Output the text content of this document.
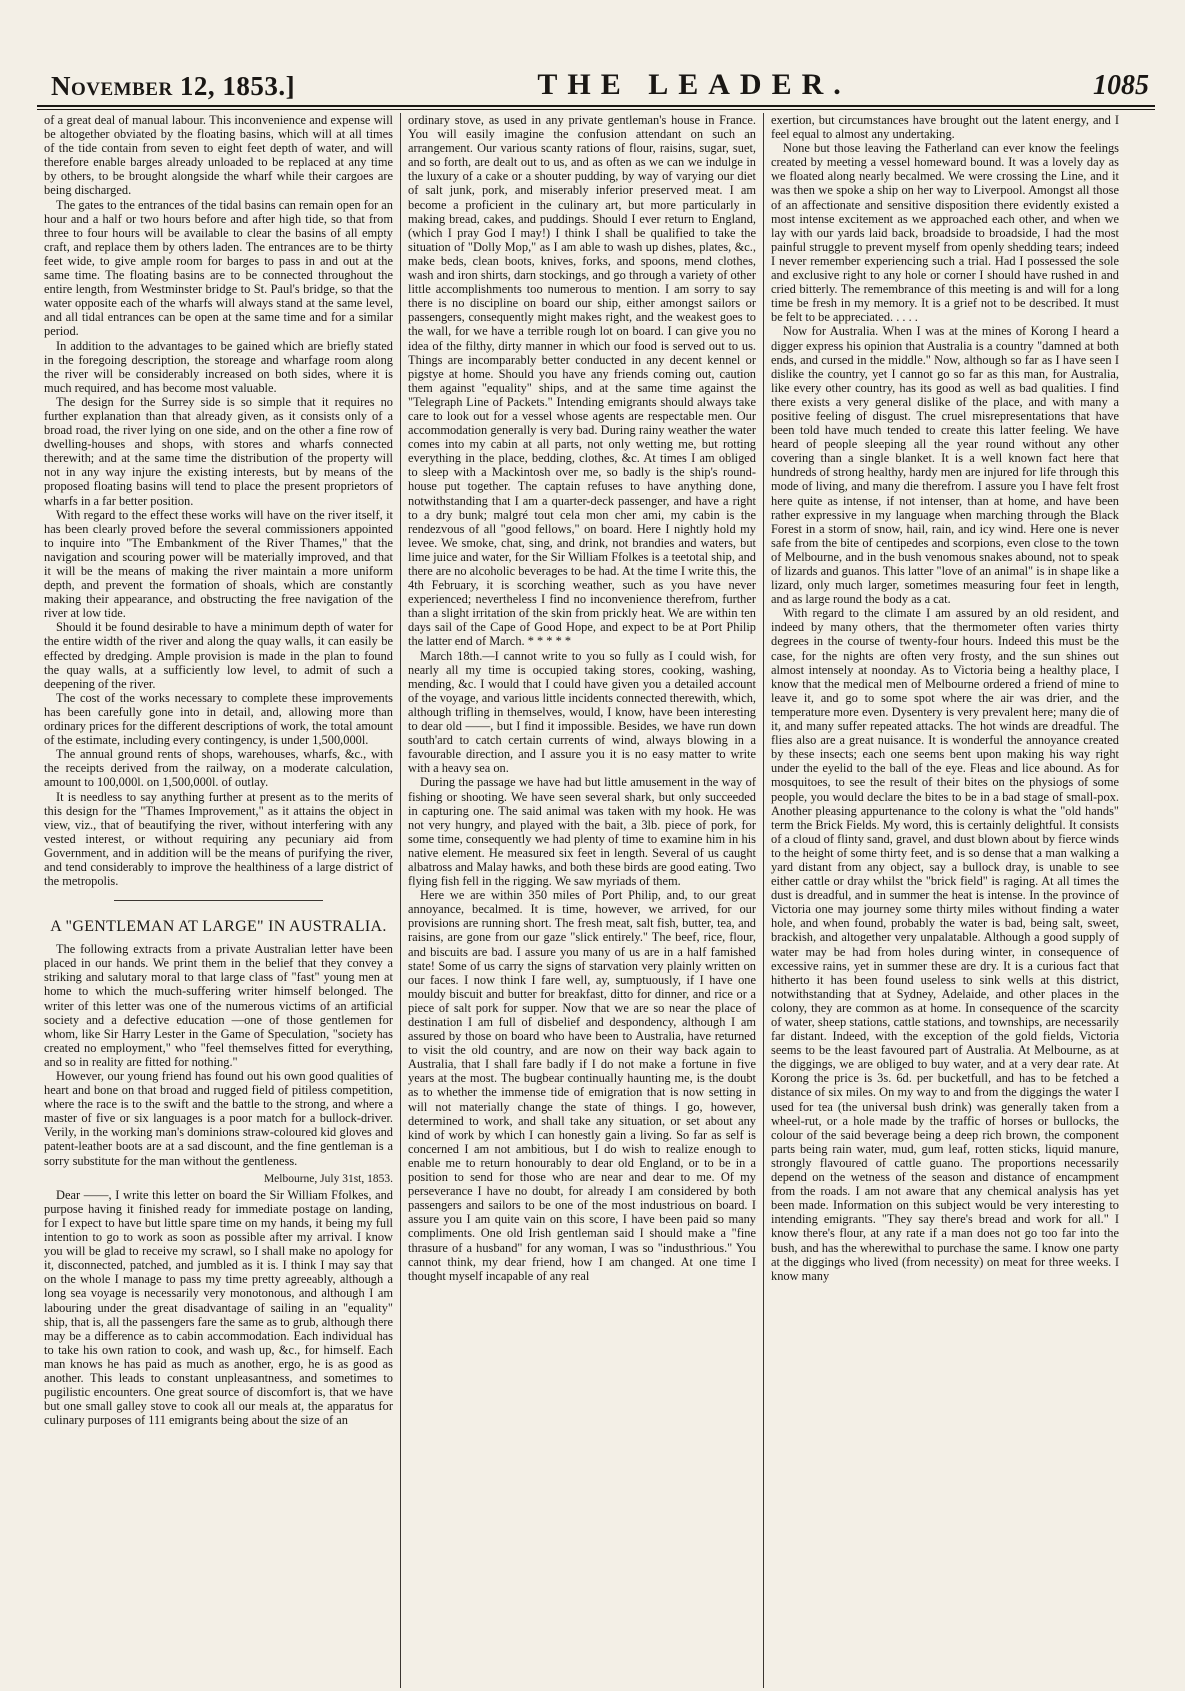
November 12, 1853.]	THE LEADER.	1085

of a great deal of manual labour. This inconvenience and expense will be altogether obviated by the floating basins, which will at all times of the tide contain from seven to eight feet depth of water, and will therefore enable barges already unloaded to be replaced at any time by others, to be brought alongside the wharf while their cargoes are being discharged.

The gates to the entrances of the tidal basins can remain open for an hour and a half or two hours before and after high tide, so that from three to four hours will be available to clear the basins of all empty craft, and replace them by others laden. The entrances are to be thirty feet wide, to give ample room for barges to pass in and out at the same time. The floating basins are to be connected throughout the entire length, from Westminster bridge to St. Paul's bridge, so that the water opposite each of the wharfs will always stand at the same level, and all tidal entrances can be open at the same time and for a similar period.

In addition to the advantages to be gained which are briefly stated in the foregoing description, the storeage and wharfage room along the river will be considerably increased on both sides, where it is much required, and has become most valuable.

The design for the Surrey side is so simple that it requires no further explanation than that already given, as it consists only of a broad road, the river lying on one side, and on the other a fine row of dwelling-houses and shops, with stores and wharfs connected therewith; and at the same time the distribution of the property will not in any way injure the existing interests, but by means of the proposed floating basins will tend to place the present proprietors of wharfs in a far better position.

With regard to the effect these works will have on the river itself, it has been clearly proved before the several commissioners appointed to inquire into "The Embankment of the River Thames," that the navigation and scouring power will be materially improved, and that it will be the means of making the river maintain a more uniform depth, and prevent the formation of shoals, which are constantly making their appearance, and obstructing the free navigation of the river at low tide.

Should it be found desirable to have a minimum depth of water for the entire width of the river and along the quay walls, it can easily be effected by dredging. Ample provision is made in the plan to found the quay walls, at a sufficiently low level, to admit of such a deepening of the river.

The cost of the works necessary to complete these improvements has been carefully gone into in detail, and, allowing more than ordinary prices for the different descriptions of work, the total amount of the estimate, including every contingency, is under 1,500,000l.

The annual ground rents of shops, warehouses, wharfs, &c., with the receipts derived from the railway, on a moderate calculation, amount to 100,000l. on 1,500,000l. of outlay.

It is needless to say anything further at present as to the merits of this design for the "Thames Improvement," as it attains the object in view, viz., that of beautifying the river, without interfering with any vested interest, or without requiring any pecuniary aid from Government, and in addition will be the means of purifying the river, and tend considerably to improve the healthiness of a large district of the metropolis.

A "GENTLEMAN AT LARGE" IN AUSTRALIA.

The following extracts from a private Australian letter have been placed in our hands. We print them in the belief that they convey a striking and salutary moral to that large class of "fast" young men at home to which the much-suffering writer himself belonged. The writer of this letter was one of the numerous victims of an artificial society and a defective education —one of those gentlemen for whom, like Sir Harry Lester in the Game of Speculation, "society has created no employment," who "feel themselves fitted for everything, and so in reality are fitted for nothing."

However, our young friend has found out his own good qualities of heart and bone on that broad and rugged field of pitiless competition, where the race is to the swift and the battle to the strong, and where a master of five or six languages is a poor match for a bullock-driver. Verily, in the working man's dominions straw-coloured kid gloves and patent-leather boots are at a sad discount, and the fine gentleman is a sorry substitute for the man without the gentleness.

Melbourne, July 31st, 1853.

Dear ——, I write this letter on board the Sir William Ffolkes, and purpose having it finished ready for immediate postage on landing, for I expect to have but little spare time on my hands, it being my full intention to go to work as soon as possible after my arrival. I know you will be glad to receive my scrawl, so I shall make no apology for it, disconnected, patched, and jumbled as it is. I think I may say that on the whole I manage to pass my time pretty agreeably, although a long sea voyage is necessarily very monotonous, and although I am labouring under the great disadvantage of sailing in an "equality" ship, that is, all the passengers fare the same as to grub, although there may be a difference as to cabin accommodation. Each individual has to take his own ration to cook, and wash up, &c., for himself. Each man knows he has paid as much as another, ergo, he is as good as another. This leads to constant unpleasantness, and sometimes to pugilistic encounters. One great source of discomfort is, that we have but one small galley stove to cook all our meals at, the apparatus for culinary purposes of 111 emigrants being about the size of an

ordinary stove, as used in any private gentleman's house in France. You will easily imagine the confusion attendant on such an arrangement. Our various scanty rations of flour, raisins, sugar, suet, and so forth, are dealt out to us, and as often as we can we indulge in the luxury of a cake or a shouter pudding, by way of varying our diet of salt junk, pork, and miserably inferior preserved meat. I am become a proficient in the culinary art, but more particularly in making bread, cakes, and puddings. Should I ever return to England, (which I pray God I may!) I think I shall be qualified to take the situation of "Dolly Mop," as I am able to wash up dishes, plates, &c., make beds, clean boots, knives, forks, and spoons, mend clothes, wash and iron shirts, darn stockings, and go through a variety of other little accomplishments too numerous to mention. I am sorry to say there is no discipline on board our ship, either amongst sailors or passengers, consequently might makes right, and the weakest goes to the wall, for we have a terrible rough lot on board. I can give you no idea of the filthy, dirty manner in which our food is served out to us. Things are incomparably better conducted in any decent kennel or pigstye at home. Should you have any friends coming out, caution them against "equality" ships, and at the same time against the "Telegraph Line of Packets." Intending emigrants should always take care to look out for a vessel whose agents are respectable men. Our accommodation generally is very bad. During rainy weather the water comes into my cabin at all parts, not only wetting me, but rotting everything in the place, bedding, clothes, &c. At times I am obliged to sleep with a Mackintosh over me, so badly is the ship's round-house put together. The captain refuses to have anything done, notwithstanding that I am a quarter-deck passenger, and have a right to a dry bunk; malgré tout cela mon cher ami, my cabin is the rendezvous of all "good fellows," on board. Here I nightly hold my levee. We smoke, chat, sing, and drink, not brandies and waters, but lime juice and water, for the Sir William Ffolkes is a teetotal ship, and there are no alcoholic beverages to be had. At the time I write this, the 4th February, it is scorching weather, such as you have never experienced; nevertheless I find no inconvenience therefrom, further than a slight irritation of the skin from prickly heat. We are within ten days sail of the Cape of Good Hope, and expect to be at Port Philip the latter end of March. * * * * *

March 18th.—I cannot write to you so fully as I could wish, for nearly all my time is occupied taking stores, cooking, washing, mending, &c. I would that I could have given you a detailed account of the voyage, and various little incidents connected therewith, which, although trifling in themselves, would, I know, have been interesting to dear old ——, but I find it impossible. Besides, we have run down south'ard to catch certain currents of wind, always blowing in a favourable direction, and I assure you it is no easy matter to write with a heavy sea on.

During the passage we have had but little amusement in the way of fishing or shooting. We have seen several shark, but only succeeded in capturing one. The said animal was taken with my hook. He was not very hungry, and played with the bait, a 3lb. piece of pork, for some time, consequently we had plenty of time to examine him in his native element. He measured six feet in length. Several of us caught albatross and Malay hawks, and both these birds are good eating. Two flying fish fell in the rigging. We saw myriads of them.

Here we are within 350 miles of Port Philip, and, to our great annoyance, becalmed. It is time, however, we arrived, for our provisions are running short. The fresh meat, salt fish, butter, tea, and raisins, are gone from our gaze "slick entirely." The beef, rice, flour, and biscuits are bad. I assure you many of us are in a half famished state! Some of us carry the signs of starvation very plainly written on our faces. I now think I fare well, ay, sumptuously, if I have one mouldy biscuit and butter for breakfast, ditto for dinner, and rice or a piece of salt pork for supper. Now that we are so near the place of destination I am full of disbelief and despondency, although I am assured by those on board who have been to Australia, have returned to visit the old country, and are now on their way back again to Australia, that I shall fare badly if I do not make a fortune in five years at the most. The bugbear continually haunting me, is the doubt as to whether the immense tide of emigration that is now setting in will not materially change the state of things. I go, however, determined to work, and shall take any situation, or set about any kind of work by which I can honestly gain a living. So far as self is concerned I am not ambitious, but I do wish to realize enough to enable me to return honourably to dear old England, or to be in a position to send for those who are near and dear to me. Of my perseverance I have no doubt, for already I am considered by both passengers and sailors to be one of the most industrious on board. I assure you I am quite vain on this score, I have been paid so many compliments. One old Irish gentleman said I should make a "fine thrasure of a husband" for any woman, I was so "industhrious." You cannot think, my dear friend, how I am changed. At one time I thought myself incapable of any real

exertion, but circumstances have brought out the latent energy, and I feel equal to almost any undertaking.

None but those leaving the Fatherland can ever know the feelings created by meeting a vessel homeward bound. It was a lovely day as we floated along nearly becalmed. We were crossing the Line, and it was then we spoke a ship on her way to Liverpool. Amongst all those of an affectionate and sensitive disposition there evidently existed a most intense excitement as we approached each other, and when we lay with our yards laid back, broadside to broadside, I had the most painful struggle to prevent myself from openly shedding tears; indeed I never remember experiencing such a trial. Had I possessed the sole and exclusive right to any hole or corner I should have rushed in and cried bitterly. The remembrance of this meeting is and will for a long time be fresh in my memory. It is a grief not to be described. It must be felt to be appreciated. . . . .

Now for Australia. When I was at the mines of Korong I heard a digger express his opinion that Australia is a country "damned at both ends, and cursed in the middle." Now, although so far as I have seen I dislike the country, yet I cannot go so far as this man, for Australia, like every other country, has its good as well as bad qualities. I find there exists a very general dislike of the place, and with many a positive feeling of disgust. The cruel misrepresentations that have been told have much tended to create this latter feeling. We have heard of people sleeping all the year round without any other covering than a single blanket. It is a well known fact here that hundreds of strong healthy, hardy men are injured for life through this mode of living, and many die therefrom. I assure you I have felt frost here quite as intense, if not intenser, than at home, and have been rather expressive in my language when marching through the Black Forest in a storm of snow, hail, rain, and icy wind. Here one is never safe from the bite of centipedes and scorpions, even close to the town of Melbourne, and in the bush venomous snakes abound, not to speak of lizards and guanos. This latter "love of an animal" is in shape like a lizard, only much larger, sometimes measuring four feet in length, and as large round the body as a cat.

With regard to the climate I am assured by an old resident, and indeed by many others, that the thermometer often varies thirty degrees in the course of twenty-four hours. Indeed this must be the case, for the nights are often very frosty, and the sun shines out almost intensely at noonday. As to Victoria being a healthy place, I know that the medical men of Melbourne ordered a friend of mine to leave it, and go to some spot where the air was drier, and the temperature more even. Dysentery is very prevalent here; many die of it, and many suffer repeated attacks. The hot winds are dreadful. The flies also are a great nuisance. It is wonderful the annoyance created by these insects; each one seems bent upon making his way right under the eyelid to the ball of the eye. Fleas and lice abound. As for mosquitoes, to see the result of their bites on the physiogs of some people, you would declare the bites to be in a bad stage of small-pox. Another pleasing appurtenance to the colony is what the "old hands" term the Brick Fields. My word, this is certainly delightful. It consists of a cloud of flinty sand, gravel, and dust blown about by fierce winds to the height of some thirty feet, and is so dense that a man walking a yard distant from any object, say a bullock dray, is unable to see either cattle or dray whilst the "brick field" is raging. At all times the dust is dreadful, and in summer the heat is intense. In the province of Victoria one may journey some thirty miles without finding a water hole, and when found, probably the water is bad, being salt, sweet, brackish, and altogether very unpalatable. Although a good supply of water may be had from holes during winter, in consequence of excessive rains, yet in summer these are dry. It is a curious fact that hitherto it has been found useless to sink wells at this district, notwithstanding that at Sydney, Adelaide, and other places in the colony, they are common as at home. In consequence of the scarcity of water, sheep stations, cattle stations, and townships, are necessarily far distant. Indeed, with the exception of the gold fields, Victoria seems to be the least favoured part of Australia. At Melbourne, as at the diggings, we are obliged to buy water, and at a very dear rate. At Korong the price is 3s. 6d. per bucketfull, and has to be fetched a distance of six miles. On my way to and from the diggings the water I used for tea (the universal bush drink) was generally taken from a wheel-rut, or a hole made by the traffic of horses or bullocks, the colour of the said beverage being a deep rich brown, the component parts being rain water, mud, gum leaf, rotten sticks, liquid manure, strongly flavoured of cattle guano. The proportions necessarily depend on the wetness of the season and distance of encampment from the roads. I am not aware that any chemical analysis has yet been made. Information on this subject would be very interesting to intending emigrants. "They say there's bread and work for all." I know there's flour, at any rate if a man does not go too far into the bush, and has the wherewithal to purchase the same. I know one party at the diggings who lived (from necessity) on meat for three weeks. I know many
